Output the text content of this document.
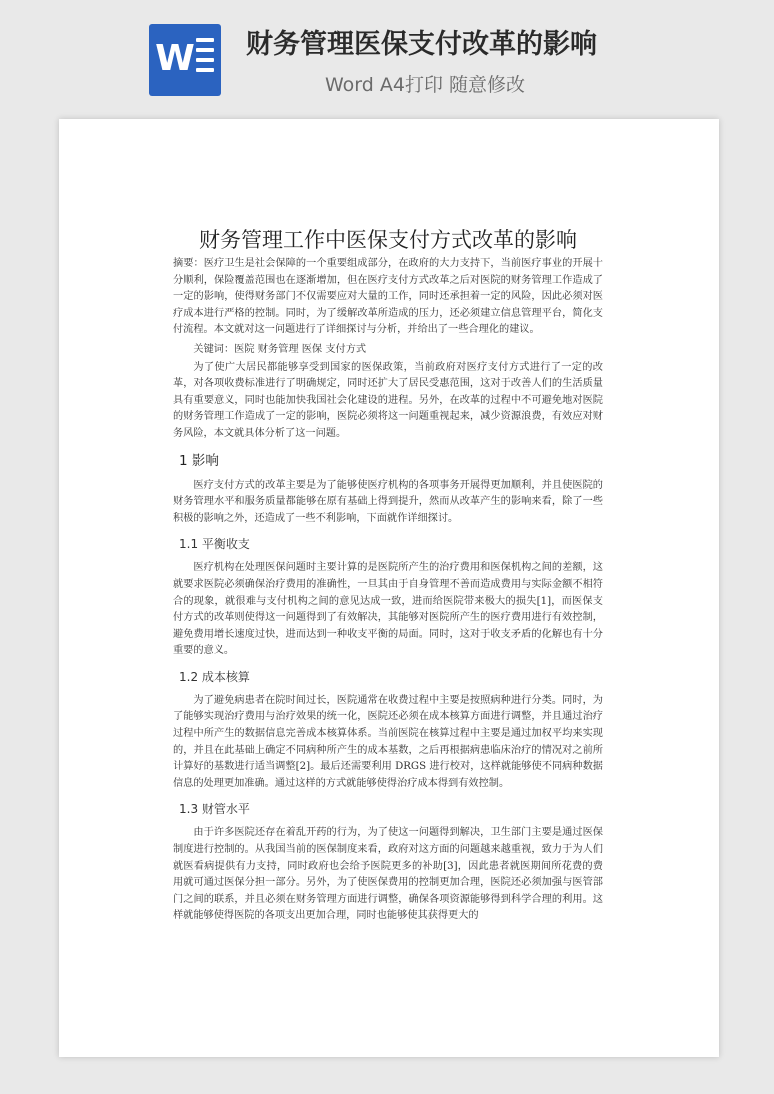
W 财务管理医保支付改革的影响
Word A4打印 随意修改
财务管理工作中医保支付方式改革的影响

摘要：医疗卫生是社会保障的一个重要组成部分，在政府的大力支持下，当前医疗事业的开展十分顺利，保险覆盖范围也在逐渐增加，但在医疗支付方式改革之后对医院的财务管理工作造成了一定的影响，使得财务部门不仅需要应对大量的工作，同时还承担着一定的风险，因此必须对医疗成本进行严格的控制。同时，为了缓解改革所造成的压力，还必须建立信息管理平台，简化支付流程。本文就对这一问题进行了详细探讨与分析，并给出了一些合理化的建议。

关键词：医院 财务管理 医保 支付方式

为了使广大居民都能够享受到国家的医保政策，当前政府对医疗支付方式进行了一定的改革，对各项收费标准进行了明确规定，同时还扩大了居民受惠范围，这对于改善人们的生活质量具有重要意义，同时也能加快我国社会化建设的进程。另外，在改革的过程中不可避免地对医院的财务管理工作造成了一定的影响，医院必须将这一问题重视起来，减少资源浪费，有效应对财务风险，本文就具体分析了这一问题。

1 影响

医疗支付方式的改革主要是为了能够使医疗机构的各项事务开展得更加顺利，并且使医院的财务管理水平和服务质量都能够在原有基础上得到提升，然而从改革产生的影响来看，除了一些积极的影响之外，还造成了一些不利影响，下面就作详细探讨。

1.1 平衡收支

医疗机构在处理医保问题时主要计算的是医院所产生的治疗费用和医保机构之间的差额，这就要求医院必须确保治疗费用的准确性，一旦其由于自身管理不善而造成费用与实际金额不相符合的现象，就很难与支付机构之间的意见达成一致，进而给医院带来极大的损失[1]，而医保支付方式的改革则使得这一问题得到了有效解决，其能够对医院所产生的医疗费用进行有效控制，避免费用增长速度过快，进而达到一种收支平衡的局面。同时，这对于收支矛盾的化解也有十分重要的意义。

1.2 成本核算

为了避免病患者在院时间过长，医院通常在收费过程中主要是按照病种进行分类。同时，为了能够实现治疗费用与治疗效果的统一化，医院还必须在成本核算方面进行调整，并且通过治疗过程中所产生的数据信息完善成本核算体系。当前医院在核算过程中主要是通过加权平均来实现的，并且在此基础上确定不同病种所产生的成本基数，之后再根据病患临床治疗的情况对之前所计算好的基数进行适当调整[2]。最后还需要利用 DRGS 进行校对，这样就能够使不同病种数据信息的处理更加准确。通过这样的方式就能够使得治疗成本得到有效控制。

1.3 财管水平

由于许多医院还存在着乱开药的行为，为了使这一问题得到解决，卫生部门主要是通过医保制度进行控制的。从我国当前的医保制度来看，政府对这方面的问题越来越重视，致力于为人们就医看病提供有力支持，同时政府也会给予医院更多的补助[3]，因此患者就医期间所花费的费用就可通过医保分担一部分。另外，为了使医保费用的控制更加合理，医院还必须加强与医管部门之间的联系，并且必须在财务管理方面进行调整，确保各项资源能够得到科学合理的利用。这样就能够使得医院的各项支出更加合理，同时也能够使其获得更大的
